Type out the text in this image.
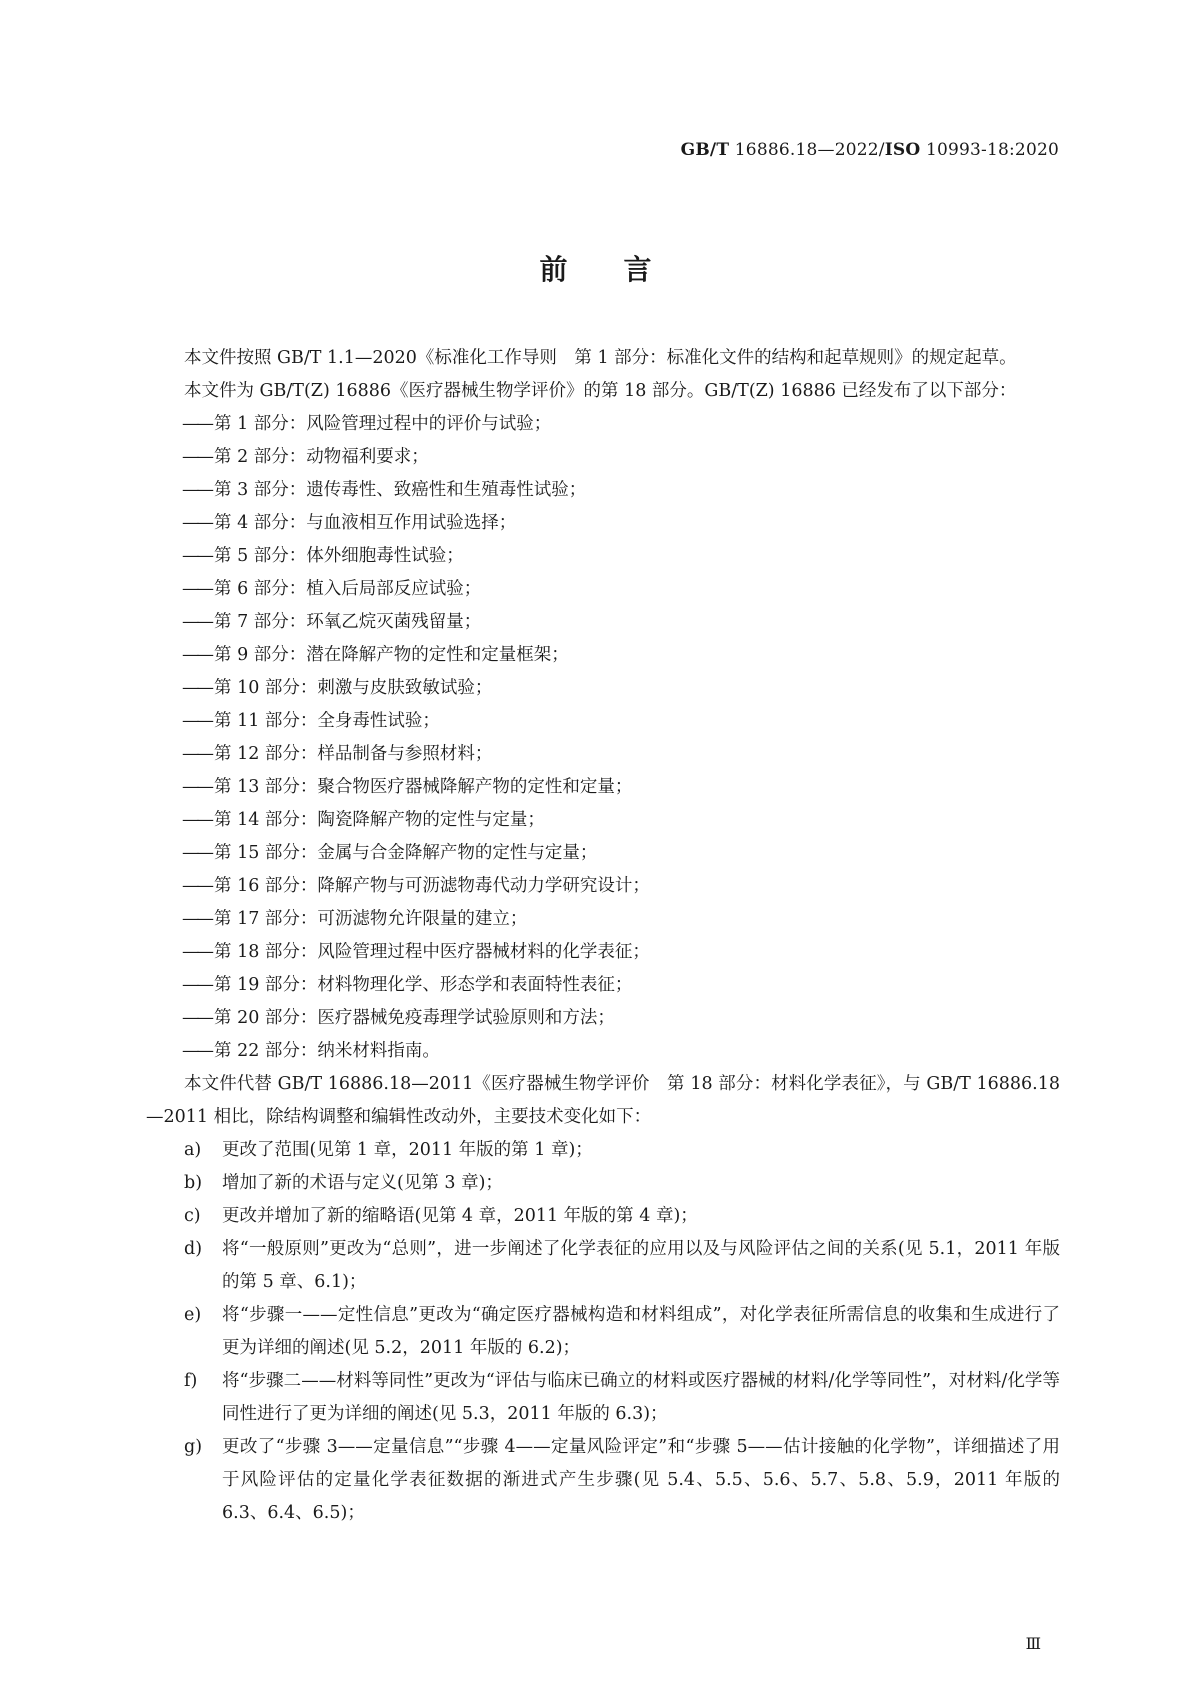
GB/T 16886.18—2022/ISO 10993-18:2020
前言

本文件按照 GB/T 1.1—2020《标准化工作导则　第 1 部分：标准化文件的结构和起草规则》的规定起草。

本文件为 GB/T(Z) 16886《医疗器械生物学评价》的第 18 部分。GB/T(Z) 16886 已经发布了以下部分：

—— 第 1 部分：风险管理过程中的评价与试验；
—— 第 2 部分：动物福利要求；
—— 第 3 部分：遗传毒性、致癌性和生殖毒性试验；
—— 第 4 部分：与血液相互作用试验选择；
—— 第 5 部分：体外细胞毒性试验；
—— 第 6 部分：植入后局部反应试验；
—— 第 7 部分：环氧乙烷灭菌残留量；
—— 第 9 部分：潜在降解产物的定性和定量框架；
—— 第 10 部分：刺激与皮肤致敏试验；
—— 第 11 部分：全身毒性试验；
—— 第 12 部分：样品制备与参照材料；
—— 第 13 部分：聚合物医疗器械降解产物的定性和定量；
—— 第 14 部分：陶瓷降解产物的定性与定量；
—— 第 15 部分：金属与合金降解产物的定性与定量；
—— 第 16 部分：降解产物与可沥滤物毒代动力学研究设计；
—— 第 17 部分：可沥滤物允许限量的建立；
—— 第 18 部分：风险管理过程中医疗器械材料的化学表征；
—— 第 19 部分：材料物理化学、形态学和表面特性表征；
—— 第 20 部分：医疗器械免疫毒理学试验原则和方法；
—— 第 22 部分：纳米材料指南。

本文件代替 GB/T 16886.18—2011《医疗器械生物学评价　第 18 部分：材料化学表征》，与 GB/T 16886.18—2011 相比，除结构调整和编辑性改动外，主要技术变化如下：

a)	更改了范围(见第 1 章，2011 年版的第 1 章)；
b)	增加了新的术语与定义(见第 3 章)；
c)	更改并增加了新的缩略语(见第 4 章，2011 年版的第 4 章)；
d)	将“一般原则”更改为“总则”，进一步阐述了化学表征的应用以及与风险评估之间的关系(见 5.1，2011 年版的第 5 章、6.1)；
e)	将“步骤一——定性信息”更改为“确定医疗器械构造和材料组成”，对化学表征所需信息的收集和生成进行了更为详细的阐述(见 5.2，2011 年版的 6.2)；
f)	将“步骤二——材料等同性”更改为“评估与临床已确立的材料或医疗器械的材料/化学等同性”，对材料/化学等同性进行了更为详细的阐述(见 5.3，2011 年版的 6.3)；
g)	更改了“步骤 3——定量信息”“步骤 4——定量风险评定”和“步骤 5——估计接触的化学物”，详细描述了用于风险评估的定量化学表征数据的渐进式产生步骤(见 5.4、5.5、5.6、5.7、5.8、5.9，2011 年版的 6.3、6.4、6.5)；
Ⅲ
